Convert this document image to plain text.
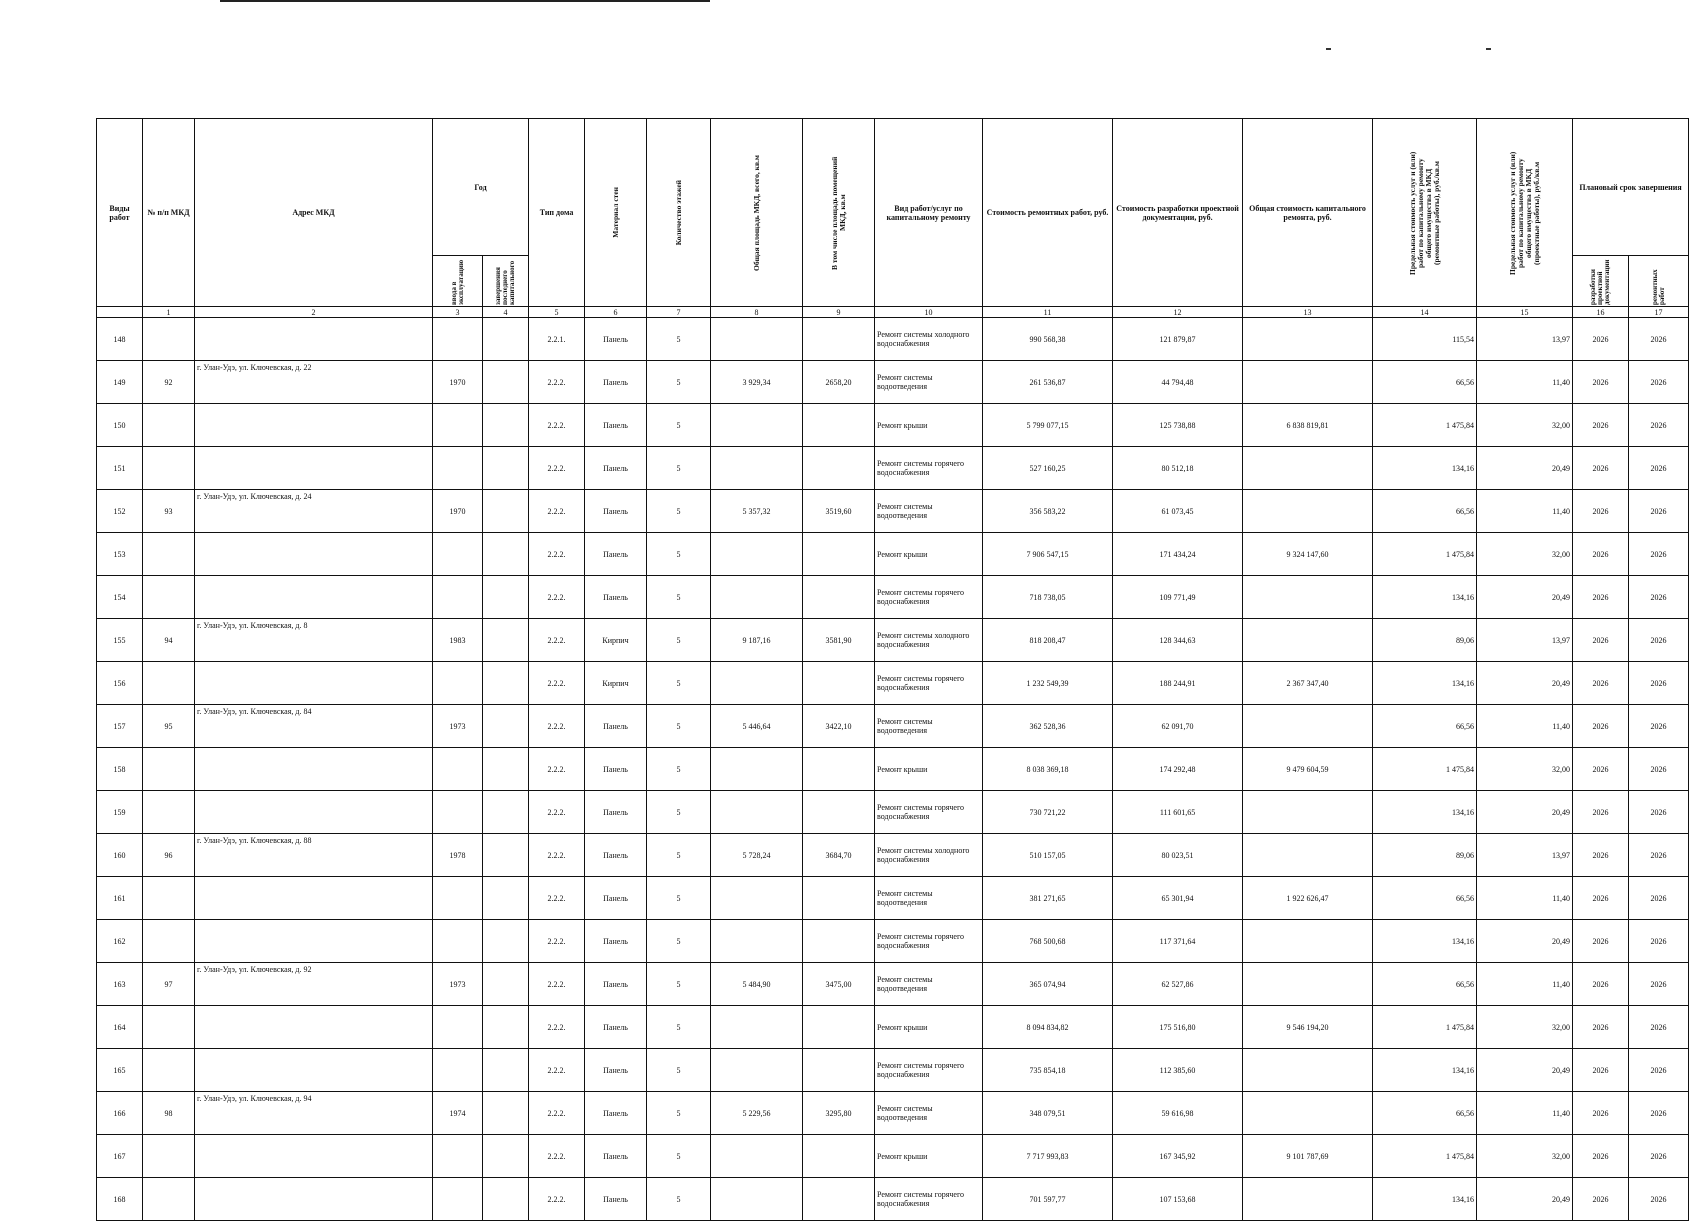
Виды работ	№ п/п МКД	Адрес МКД	Год		Тип дома	Материал стен	Количество этажей	Общая площадь МКД, всего, кв.м	В том числе площадь помещений МКД, кв.м	Вид работ/услуг по капитальному ремонту	Стоимость ремонтных работ, руб.	Стоимость разработки проектной документации, руб.	Общая стоимость капитального ремонта, руб.	Предельная стоимость услуг и (или) работ по капитальному ремонту общего имущества в МКД (ремонтные работы), руб./кв.м	Предельная стоимость услуг и (или) работ по капитальному ремонту общего имущества в МКД (проектные работы), руб./кв.м	Плановый срок завершения	

			ввода в эксплуатацию	завершения последнего капитального												разработки проектной документации	ремонтных работ

	1	2	3	4	5	6	7	8	9	10	11	12	13	14	15	16	17
148					2.2.1.	Панель	5			Ремонт системы холодного водоснабжения	990 568,38	121 879,87		115,54	13,97	2026	2026
149	92	г. Улан-Удэ, ул. Ключевская, д. 22	1970		2.2.2.	Панель	5	3 929,34	2658,20	Ремонт системы водоотведения	261 536,87	44 794,48		66,56	11,40	2026	2026
150					2.2.2.	Панель	5			Ремонт крыши	5 799 077,15	125 738,88	6 838 819,81	1 475,84	32,00	2026	2026
151					2.2.2.	Панель	5			Ремонт системы горячего водоснабжения	527 160,25	80 512,18		134,16	20,49	2026	2026
152	93	г. Улан-Удэ, ул. Ключевская, д. 24	1970		2.2.2.	Панель	5	5 357,32	3519,60	Ремонт системы водоотведения	356 583,22	61 073,45		66,56	11,40	2026	2026
153					2.2.2.	Панель	5			Ремонт крыши	7 906 547,15	171 434,24	9 324 147,60	1 475,84	32,00	2026	2026
154					2.2.2.	Панель	5			Ремонт системы горячего водоснабжения	718 738,05	109 771,49		134,16	20,49	2026	2026
155	94	г. Улан-Удэ, ул. Ключевская, д. 8	1983		2.2.2.	Кирпич	5	9 187,16	3581,90	Ремонт системы холодного водоснабжения	818 208,47	128 344,63		89,06	13,97	2026	2026
156					2.2.2.	Кирпич	5			Ремонт системы горячего водоснабжения	1 232 549,39	188 244,91	2 367 347,40	134,16	20,49	2026	2026
157	95	г. Улан-Удэ, ул. Ключевская, д. 84	1973		2.2.2.	Панель	5	5 446,64	3422,10	Ремонт системы водоотведения	362 528,36	62 091,70		66,56	11,40	2026	2026
158					2.2.2.	Панель	5			Ремонт крыши	8 038 369,18	174 292,48	9 479 604,59	1 475,84	32,00	2026	2026
159					2.2.2.	Панель	5			Ремонт системы горячего водоснабжения	730 721,22	111 601,65		134,16	20,49	2026	2026
160	96	г. Улан-Удэ, ул. Ключевская, д. 88	1978		2.2.2.	Панель	5	5 728,24	3684,70	Ремонт системы холодного водоснабжения	510 157,05	80 023,51		89,06	13,97	2026	2026
161					2.2.2.	Панель	5			Ремонт системы водоотведения	381 271,65	65 301,94	1 922 626,47	66,56	11,40	2026	2026
162					2.2.2.	Панель	5			Ремонт системы горячего водоснабжения	768 500,68	117 371,64		134,16	20,49	2026	2026
163	97	г. Улан-Удэ, ул. Ключевская, д. 92	1973		2.2.2.	Панель	5	5 484,90	3475,00	Ремонт системы водоотведения	365 074,94	62 527,86		66,56	11,40	2026	2026
164					2.2.2.	Панель	5			Ремонт крыши	8 094 834,82	175 516,80	9 546 194,20	1 475,84	32,00	2026	2026
165					2.2.2.	Панель	5			Ремонт системы горячего водоснабжения	735 854,18	112 385,60		134,16	20,49	2026	2026
166	98	г. Улан-Удэ, ул. Ключевская, д. 94	1974		2.2.2.	Панель	5	5 229,56	3295,80	Ремонт системы водоотведения	348 079,51	59 616,98		66,56	11,40	2026	2026
167					2.2.2.	Панель	5			Ремонт крыши	7 717 993,83	167 345,92	9 101 787,69	1 475,84	32,00	2026	2026
168					2.2.2.	Панель	5			Ремонт системы горячего водоснабжения	701 597,77	107 153,68		134,16	20,49	2026	2026
